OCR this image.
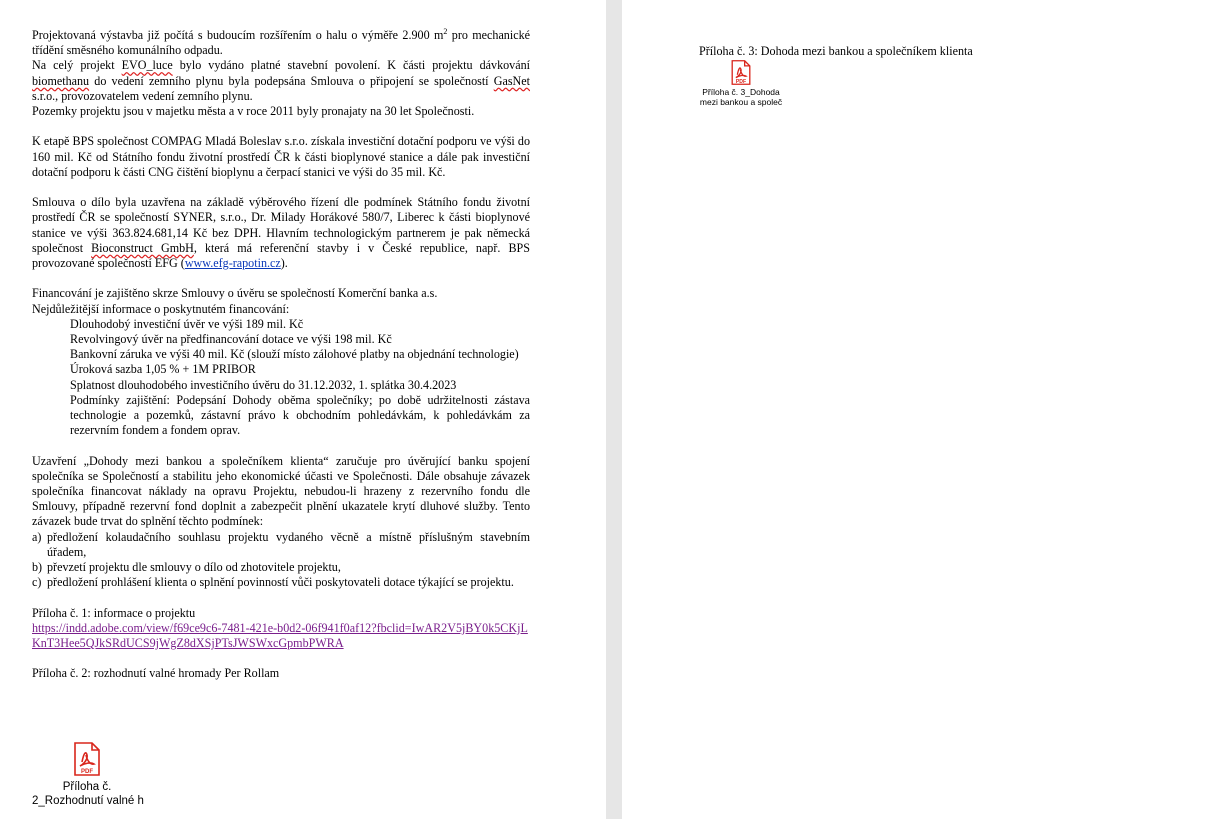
Projektovaná výstavba již počítá s budoucím rozšířením o halu o výměře 2.900 $m^2$ pro mechanické třídění směsného komunálního odpadu.

Na celý projekt EVO_luce bylo vydáno platné stavební povolení. K části projektu dávkování biomethanu do vedení zemního plynu byla podepsána Smlouva o připojení se společností GasNet s.r.o., provozovatelem vedení zemního plynu.

Pozemky projektu jsou v majetku města a v roce 2011 byly pronajaty na 30 let Společnosti.

K etapě BPS společnost COMPAG Mladá Boleslav s.r.o. získala investiční dotační podporu ve výši do 160 mil. Kč od Státního fondu životní prostředí ČR k části bioplynové stanice a dále pak investiční dotační podporu k části CNG čištění bioplynu a čerpací stanici ve výši do 35 mil. Kč.

Smlouva o dílo byla uzavřena na základě výběrového řízení dle podmínek Státního fondu životní prostředí ČR se společností SYNER, s.r.o., Dr. Milady Horákové 580/7, Liberec k části bioplynové stanice ve výši 363.824.681,14 Kč bez DPH. Hlavním technologickým partnerem je pak německá společnost Bioconstruct GmbH, která má referenční stavby i v České republice, např. BPS provozované společností EFG (www.efg-rapotin.cz).

Financování je zajištěno skrze Smlouvy o úvěru se společností Komerční banka a.s.

Nejdůležitější informace o poskytnutém financování:

Dlouhodobý investiční úvěr ve výši 189 mil. Kč

Revolvingový úvěr na předfinancování dotace ve výši 198 mil. Kč

Bankovní záruka ve výši 40 mil. Kč (slouží místo zálohové platby na objednání technologie)

Úroková sazba 1,05 % + 1M PRIBOR

Splatnost dlouhodobého investičního úvěru do 31.12.2032, 1. splátka 30.4.2023

Podmínky zajištění: Podepsání Dohody oběma společníky; po době udržitelnosti zástava technologie a pozemků, zástavní právo k obchodním pohledávkám, k pohledávkám za rezervním fondem a fondem oprav.

Uzavření „Dohody mezi bankou a společníkem klienta“ zaručuje pro úvěrující banku spojení společníka se Společností a stabilitu jeho ekonomické účasti ve Společnosti. Dále obsahuje závazek společníka financovat náklady na opravu Projektu, nebudou-li hrazeny z rezervního fondu dle Smlouvy, případně rezervní fond doplnit a zabezpečit plnění ukazatele krytí dluhové služby. Tento závazek bude trvat do splnění těchto podmínek:

a) předložení kolaudačního souhlasu projektu vydaného věcně a místně příslušným stavebním úřadem,
b) převzetí projektu dle smlouvy o dílo od zhotovitele projektu,
c) předložení prohlášení klienta o splnění povinností vůči poskytovateli dotace týkající se projektu.

Příloha č. 1: informace o projektu

https://indd.adobe.com/view/f69ce9c6-7481-421e-b0d2-06f941f0af12?fbclid=IwAR2V5jBY0k5CKjLKnT3Hee5QJkSRdUCS9jWgZ8dXSjPTsJWSWxcGpmbPWRA

Příloha č. 2: rozhodnutí valné hromady Per Rollam

PDF
Příloha č.
2_Rozhodnutí valné h
Příloha č. 3: Dohoda mezi bankou a společníkem klienta
PDF
Příloha č. 3_Dohoda
mezi bankou a společ
